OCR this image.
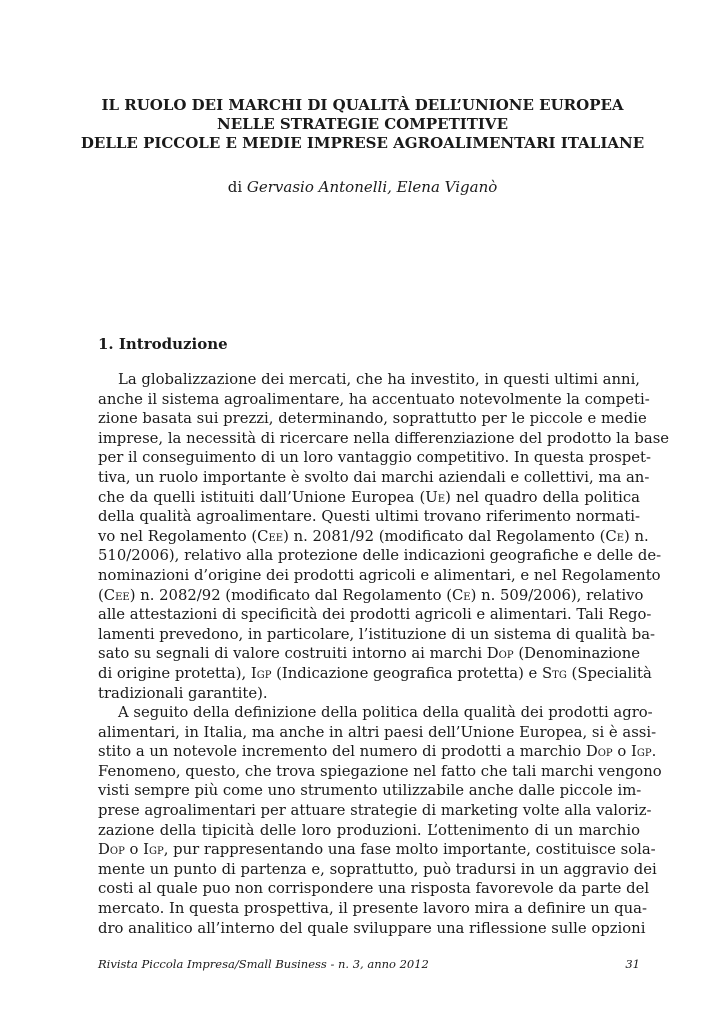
IL RUOLO DEI MARCHI DI QUALITÀ DELL’UNIONE EUROPEA
NELLE STRATEGIE COMPETITIVE
DELLE PICCOLE E MEDIE IMPRESE AGROALIMENTARI ITALIANE
di Gervasio Antonelli, Elena Viganò
1. Introduzione
La globalizzazione dei mercati, che ha investito, in questi ultimi anni,
anche il sistema agroalimentare, ha accentuato notevolmente la competi-
zione basata sui prezzi, determinando, soprattutto per le piccole e medie
imprese, la necessità di ricercare nella differenziazione del prodotto la base
per il conseguimento di un loro vantaggio competitivo. In questa prospet-
tiva, un ruolo importante è svolto dai marchi aziendali e collettivi, ma an-
che da quelli istituiti dall’Unione Europea (Ue) nel quadro della politica
della qualità agroalimentare. Questi ultimi trovano riferimento normati-
vo nel Regolamento (Cee) n. 2081/92 (modificato dal Regolamento (Ce) n.
510/2006), relativo alla protezione delle indicazioni geografiche e delle de-
nominazioni d’origine dei prodotti agricoli e alimentari, e nel Regolamento
(Cee) n. 2082/92 (modificato dal Regolamento (Ce) n. 509/2006), relativo
alle attestazioni di specificità dei prodotti agricoli e alimentari. Tali Rego-
lamenti prevedono, in particolare, l’istituzione di un sistema di qualità ba-
sato su segnali di valore costruiti intorno ai marchi Dop (Denominazione
di origine protetta), Igp (Indicazione geografica protetta) e Stg (Specialità
tradizionali garantite).
A seguito della definizione della politica della qualità dei prodotti agro-
alimentari, in Italia, ma anche in altri paesi dell’Unione Europea, si è assi-
stito a un notevole incremento del numero di prodotti a marchio Dop o Igp.
Fenomeno, questo, che trova spiegazione nel fatto che tali marchi vengono
visti sempre più come uno strumento utilizzabile anche dalle piccole im-
prese agroalimentari per attuare strategie di marketing volte alla valoriz-
zazione della tipicità delle loro produzioni. L’ottenimento di un marchio
Dop o Igp, pur rappresentando una fase molto importante, costituisce sola-
mente un punto di partenza e, soprattutto, può tradursi in un aggravio dei
costi al quale puo non corrispondere una risposta favorevole da parte del
mercato. In questa prospettiva, il presente lavoro mira a definire un qua-
dro analitico all’interno del quale sviluppare una riflessione sulle opzioni
Rivista Piccola Impresa/Small Business - n. 3, anno 2012	31
